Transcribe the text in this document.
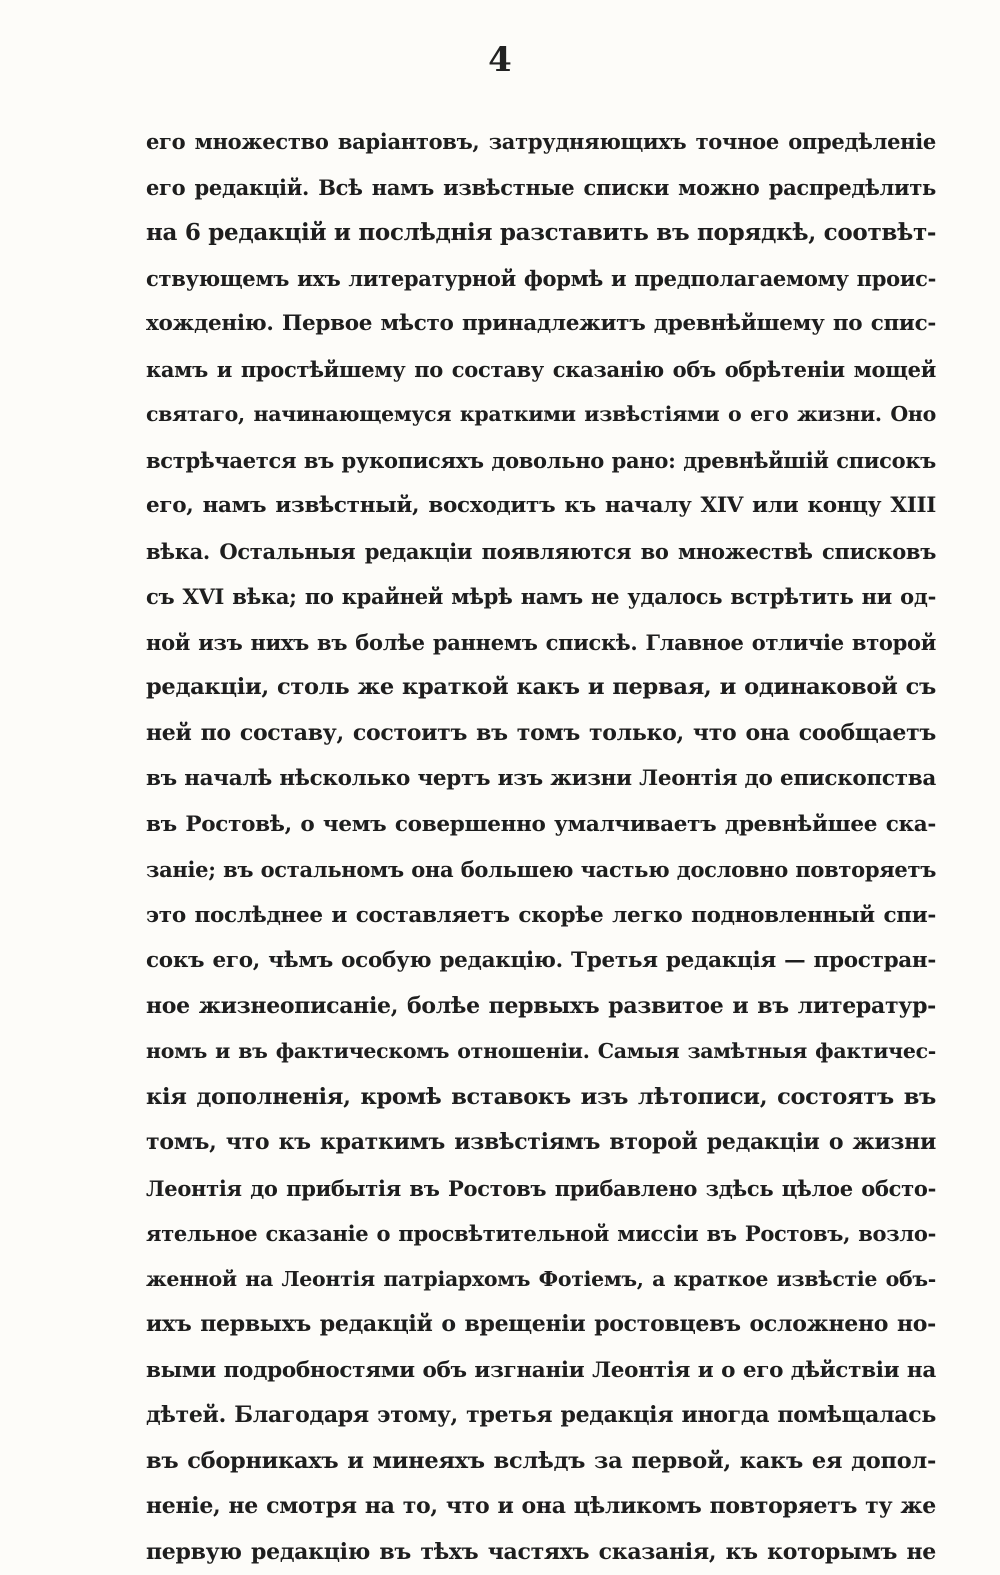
4
его множество варіантовъ, затрудняющихъ точное опредѣленіе
его редакцій. Всѣ намъ извѣстные списки можно распредѣлить
на 6 редакцій и послѣднія разставить въ порядкѣ, соотвѣт-
ствующемъ ихъ литературной формѣ и предполагаемому проис-
хожденію. Первое мѣсто принадлежитъ древнѣйшему по спис-
камъ и простѣйшему по составу сказанію объ обрѣтеніи мощей
святаго, начинающемуся краткими извѣстіями о его жизни. Оно
встрѣчается въ рукописяхъ довольно рано: древнѣйшій списокъ
его, намъ извѣстный, восходитъ къ началу XIV или концу XIII
вѣка. Остальныя редакціи появляются во множествѣ списковъ
съ XVI вѣка; по крайней мѣрѣ намъ не удалось встрѣтить ни од-
ной изъ нихъ въ болѣе раннемъ спискѣ. Главное отличіе второй
редакціи, столь же краткой какъ и первая, и одинаковой съ
ней по составу, состоитъ въ томъ только, что она сообщаетъ
въ началѣ нѣсколько чертъ изъ жизни Леонтія до епископства
въ Ростовѣ, о чемъ совершенно умалчиваетъ древнѣйшее ска-
заніе; въ остальномъ она большею частью дословно повторяетъ
это послѣднее и составляетъ скорѣе легко подновленный спи-
сокъ его, чѣмъ особую редакцію. Третья редакція — простран-
ное жизнеописаніе, болѣе первыхъ развитое и въ литератур-
номъ и въ фактическомъ отношеніи. Самыя замѣтныя фактичес-
кія дополненія, кромѣ вставокъ изъ лѣтописи, состоятъ въ
томъ, что къ краткимъ извѣстіямъ второй редакціи о жизни
Леонтія до прибытія въ Ростовъ прибавлено здѣсь цѣлое обсто-
ятельное сказаніе о просвѣтительной миссіи въ Ростовъ, возло-
женной на Леонтія патріархомъ Фотіемъ, а краткое извѣстіе объ-
ихъ первыхъ редакцій о врещеніи ростовцевъ осложнено но-
выми подробностями объ изгнаніи Леонтія и о его дѣйствіи на
дѣтей. Благодаря этому, третья редакція иногда помѣщалась
въ сборникахъ и минеяхъ вслѣдъ за первой, какъ ея допол-
неніе, не смотря на то, что и она цѣликомъ повторяетъ ту же
первую редакцію въ тѣхъ частяхъ сказанія, къ которымъ не
